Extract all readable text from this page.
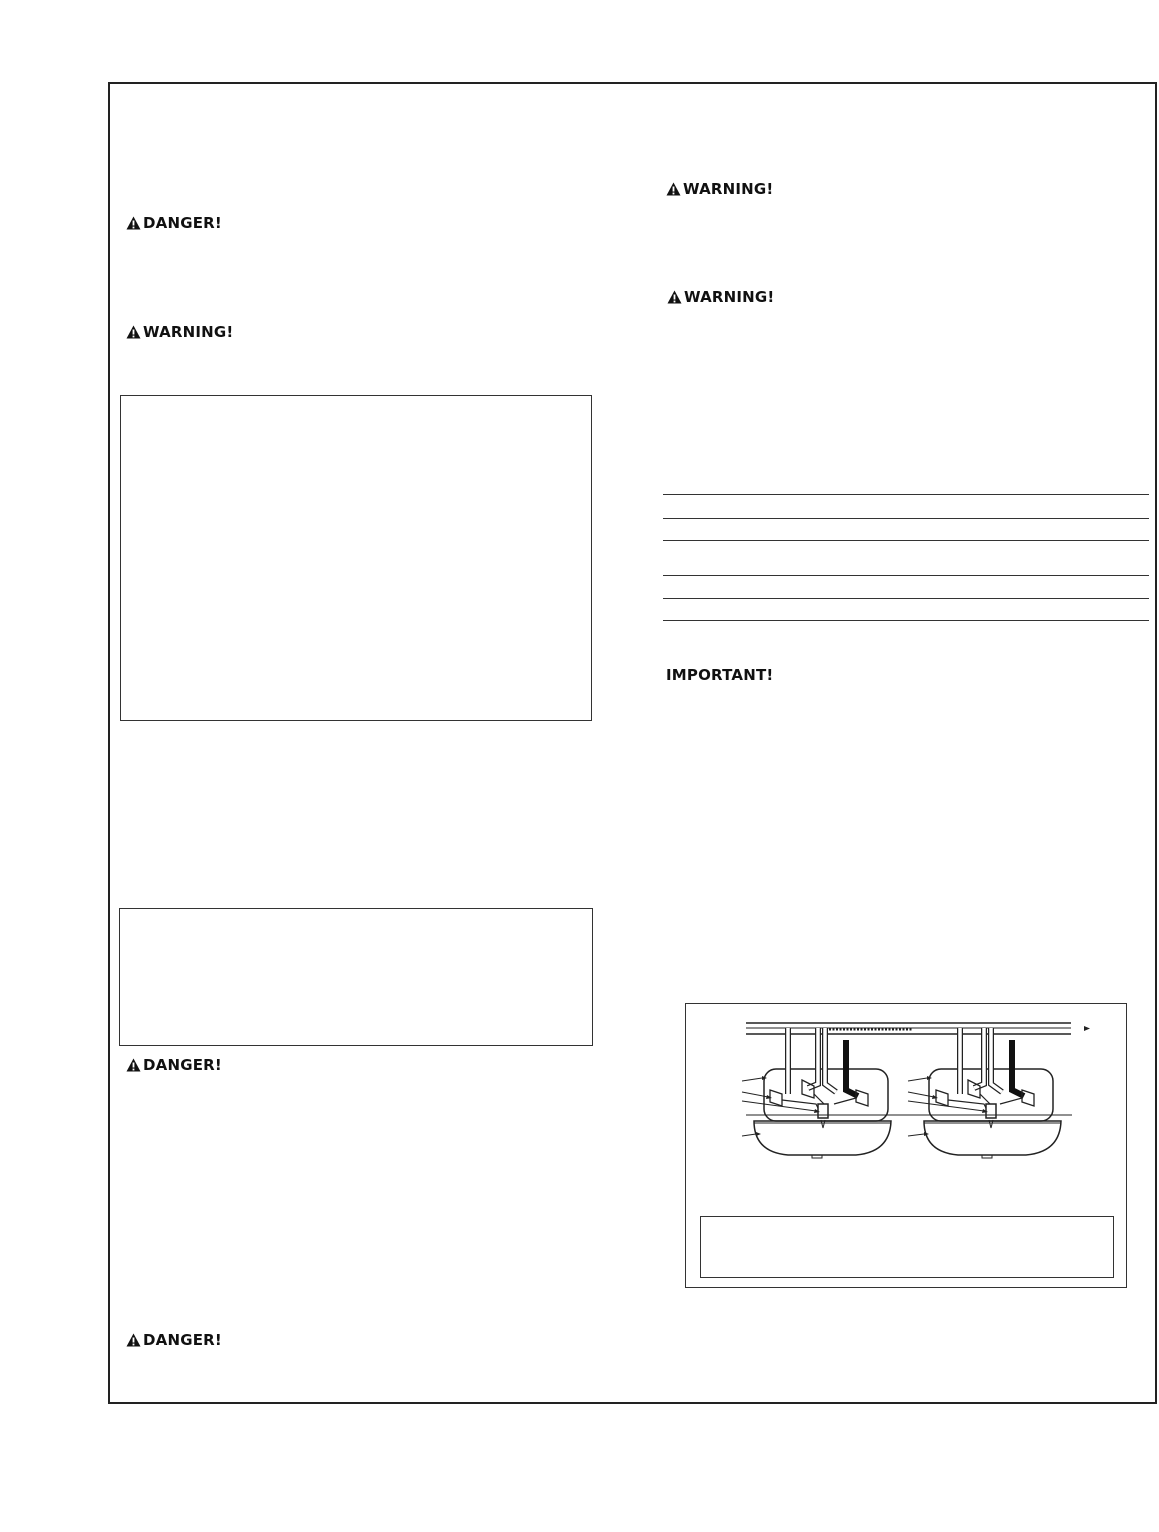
DANGER!
WARNING!
DANGER!
DANGER!
WARNING!
WARNING!
IMPORTANT!
